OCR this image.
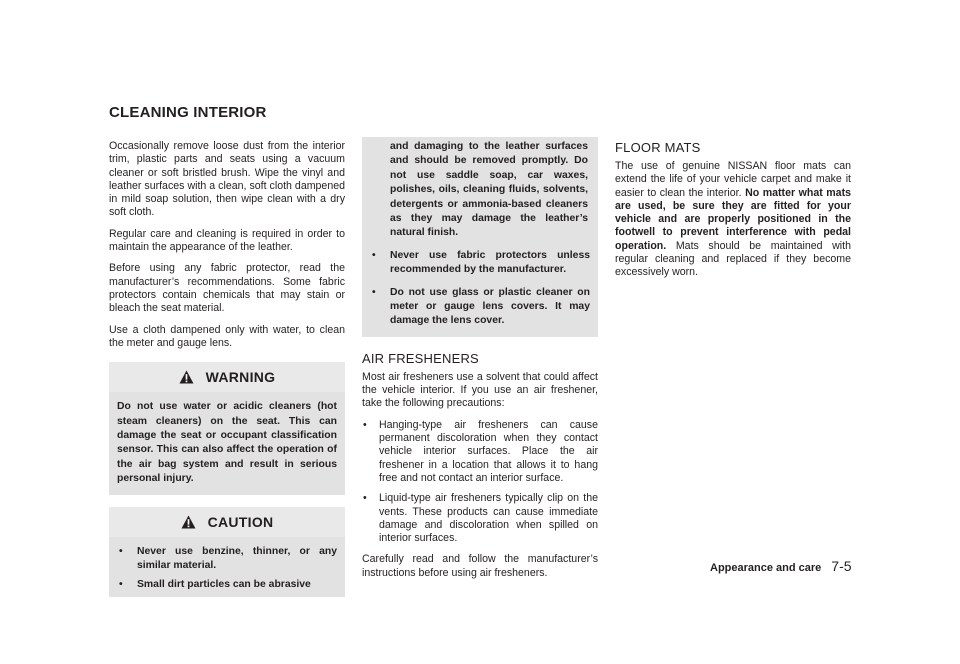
CLEANING INTERIOR

Occasionally remove loose dust from the interior trim, plastic parts and seats using a vacuum cleaner or soft bristled brush. Wipe the vinyl and leather surfaces with a clean, soft cloth dampened in mild soap solution, then wipe clean with a dry soft cloth.

Regular care and cleaning is required in order to maintain the appearance of the leather.

Before using any fabric protector, read the manufacturer’s recommendations. Some fabric protectors contain chemicals that may stain or bleach the seat material.

Use a cloth dampened only with water, to clean the meter and gauge lens.

WARNING
Do not use water or acidic cleaners (hot steam cleaners) on the seat. This can damage the seat or occupant classification sensor. This can also affect the operation of the air bag system and result in serious personal injury.
CAUTION
• Never use benzine, thinner, or any similar material.
• Small dirt particles can be abrasive
and damaging to the leather surfaces and should be removed promptly. Do not use saddle soap, car waxes, polishes, oils, cleaning fluids, solvents, detergents or ammonia-based cleaners as they may damage the leather’s natural finish.
• Never use fabric protectors unless recommended by the manufacturer.
• Do not use glass or plastic cleaner on meter or gauge lens covers. It may damage the lens cover.
AIR FRESHENERS

Most air fresheners use a solvent that could affect the vehicle interior. If you use an air freshener, take the following precautions:

• Hanging-type air fresheners can cause permanent discoloration when they contact vehicle interior surfaces. Place the air freshener in a location that allows it to hang free and not contact an interior surface.
• Liquid-type air fresheners typically clip on the vents. These products can cause immediate damage and discoloration when spilled on interior surfaces.

Carefully read and follow the manufacturer’s instructions before using air fresheners.

FLOOR MATS

The use of genuine NISSAN floor mats can extend the life of your vehicle carpet and make it easier to clean the interior. No matter what mats are used, be sure they are fitted for your vehicle and are properly positioned in the footwell to prevent interference with pedal operation. Mats should be maintained with regular cleaning and replaced if they become excessively worn.

Appearance and care 7-5
